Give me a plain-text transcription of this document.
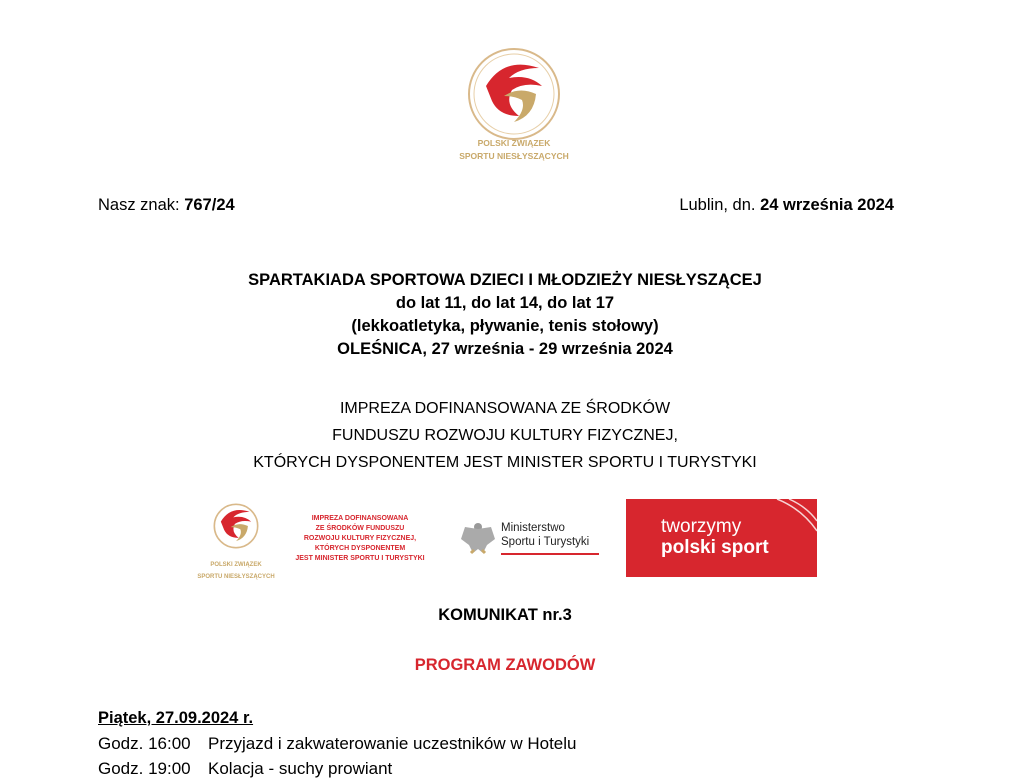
POLSKI ZWIĄZEK
SPORTU NIESŁYSZĄCYCH
Nasz znak: 767/24	Lublin, dn. 24 września 2024
SPARTAKIADA SPORTOWA DZIECI I MŁODZIEŻY NIESŁYSZĄCEJ
do lat 11, do lat 14, do lat 17
(lekkoatletyka, pływanie, tenis stołowy)
OLEŚNICA, 27 września - 29 września 2024
IMPREZA DOFINANSOWANA ZE ŚRODKÓW
FUNDUSZU ROZWOJU KULTURY FIZYCZNEJ,
KTÓRYCH DYSPONENTEM JEST MINISTER SPORTU I TURYSTYKI
POLSKI ZWIĄZEK
SPORTU NIESŁYSZĄCYCH
IMPREZA DOFINANSOWANA
ZE ŚRODKÓW FUNDUSZU
ROZWOJU KULTURY FIZYCZNEJ,
KTÓRYCH DYSPONENTEM
JEST MINISTER SPORTU I TURYSTYKI
Ministerstwo
Sportu i Turystyki
tworzymy
polski sport
KOMUNIKAT nr.3
PROGRAM ZAWODÓW
Piątek, 27.09.2024 r.
Godz. 16:00 Przyjazd i zakwaterowanie uczestników w Hotelu
Godz. 19:00 Kolacja - suchy prowiant
